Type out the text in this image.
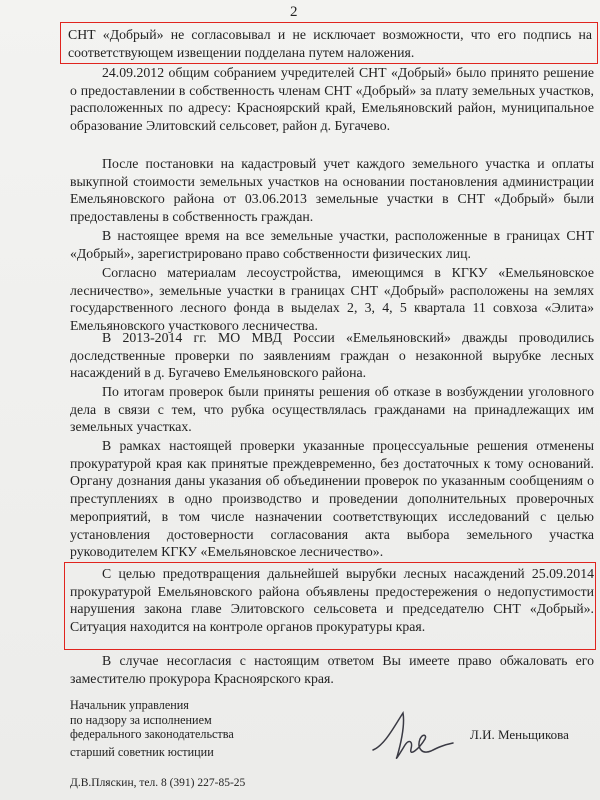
2

СНТ «Добрый» не согласовывал и не исключает возможности, что его подпись на соответствующем извещении подделана путем наложения.

24.09.2012 общим собранием учредителей СНТ «Добрый» было принято решение о предоставлении в собственность членам СНТ «Добрый» за плату земельных участков, расположенных по адресу: Красноярский край, Емельяновский район, муниципальное образование Элитовский сельсовет, район д. Бугачево.

После постановки на кадастровый учет каждого земельного участка и оплаты выкупной стоимости земельных участков на основании постановления администрации Емельяновского района от 03.06.2013 земельные участки в СНТ «Добрый» были предоставлены в собственность граждан.

В настоящее время на все земельные участки, расположенные в границах СНТ «Добрый», зарегистрировано право собственности физических лиц.

Согласно материалам лесоустройства, имеющимся в КГКУ «Емельяновское лесничество», земельные участки в границах СНТ «Добрый» расположены на землях государственного лесного фонда в выделах 2, 3, 4, 5 квартала 11 совхоза «Элита» Емельяновского участкового лесничества.

В 2013-2014 гг. МО МВД России «Емельяновский» дважды проводились доследственные проверки по заявлениям граждан о незаконной вырубке лесных насаждений в д. Бугачево Емельяновского района.

По итогам проверок были приняты решения об отказе в возбуждении уголовного дела в связи с тем, что рубка осуществлялась гражданами на принадлежащих им земельных участках.

В рамках настоящей проверки указанные процессуальные решения отменены прокуратурой края как принятые преждевременно, без достаточных к тому оснований. Органу дознания даны указания об объединении проверок по указанным сообщениям о преступлениях в одно производство и проведении дополнительных проверочных мероприятий, в том числе назначении соответствующих исследований с целью установления достоверности согласования акта выбора земельного участка руководителем КГКУ «Емельяновское лесничество».

С целью предотвращения дальнейшей вырубки лесных насаждений 25.09.2014 прокуратурой Емельяновского района объявлены предостережения о недопустимости нарушения закона главе Элитовского сельсовета и председателю СНТ «Добрый». Ситуация находится на контроле органов прокуратуры края.

В случае несогласия с настоящим ответом Вы имеете право обжаловать его заместителю прокурора Красноярского края.

Начальник управления
по надзору за исполнением
федерального законодательства
старший советник юстиции
Л.И. Меньщикова
Д.В.Пляскин, тел. 8 (391) 227-85-25
